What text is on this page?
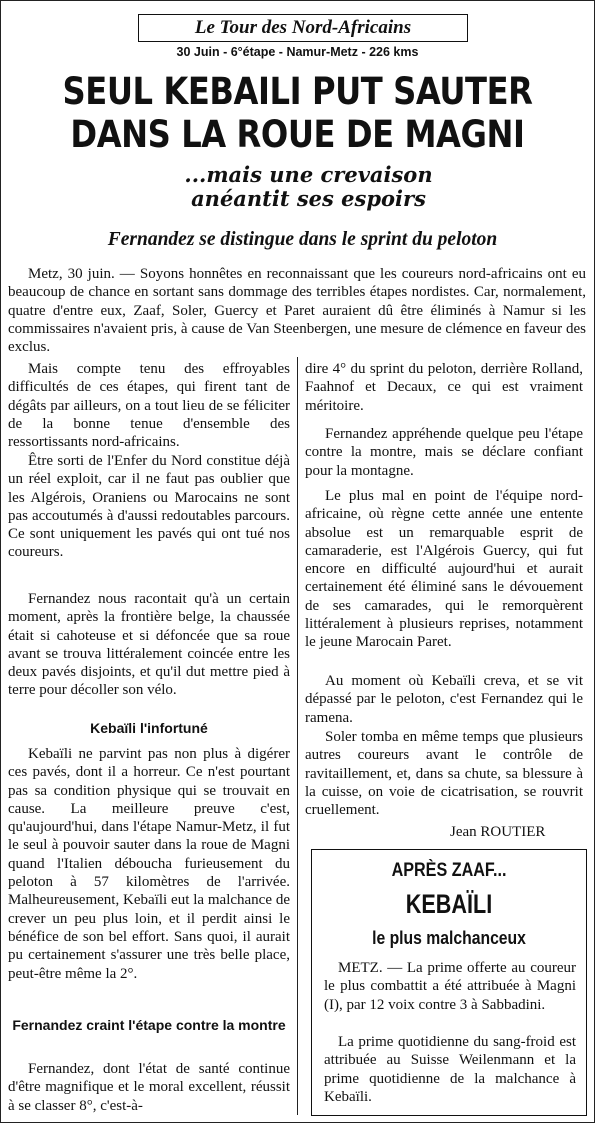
Le Tour des Nord-Africains
30 Juin - 6°étape - Namur-Metz - 226 kms
SEUL KEBAILI PUT SAUTER
DANS LA ROUE DE MAGNI
...mais une crevaison
anéantit ses espoirs
Fernandez se distingue dans le sprint du peloton

Metz, 30 juin. — Soyons honnêtes en reconnaissant que les coureurs nord-africains ont eu beaucoup de chance en sortant sans dommage des terribles étapes nordistes. Car, normalement, quatre d'entre eux, Zaaf, Soler, Guercy et Paret auraient dû être éliminés à Namur si les commissaires n'avaient pris, à cause de Van Steenbergen, une mesure de clémence en faveur des exclus.

Mais compte tenu des effroyables difficultés de ces étapes, qui firent tant de dégâts par ailleurs, on a tout lieu de se féliciter de la bonne tenue d'ensemble des ressortissants nord-africains.

Être sorti de l'Enfer du Nord constitue déjà un réel exploit, car il ne faut pas oublier que les Algérois, Oraniens ou Marocains ne sont pas accoutumés à d'aussi redoutables parcours. Ce sont uniquement les pavés qui ont tué nos coureurs.

Fernandez nous racontait qu'à un certain moment, après la frontière belge, la chaussée était si cahoteuse et si défoncée que sa roue avant se trouva littéralement coincée entre les deux pavés disjoints, et qu'il dut mettre pied à terre pour décoller son vélo.

Kebaïli l'infortuné

Kebaïli ne parvint pas non plus à digérer ces pavés, dont il a horreur. Ce n'est pourtant pas sa condition physique qui se trouvait en cause. La meilleure preuve c'est, qu'aujourd'hui, dans l'étape Namur-Metz, il fut le seul à pouvoir sauter dans la roue de Magni quand l'Italien déboucha furieusement du peloton à 57 kilomètres de l'arrivée. Malheureusement, Kebaïli eut la malchance de crever un peu plus loin, et il perdit ainsi le bénéfice de son bel effort. Sans quoi, il aurait pu certainement s'assurer une très belle place, peut-être même la 2°.

Fernandez craint l'étape contre la montre

Fernandez, dont l'état de santé continue d'être magnifique et le moral excellent, réussit à se classer 8°, c'est-à-

dire 4° du sprint du peloton, derrière Rolland, Faahnof et Decaux, ce qui est vraiment méritoire.

Fernandez appréhende quelque peu l'étape contre la montre, mais se déclare confiant pour la montagne.

Le plus mal en point de l'équipe nord-africaine, où règne cette année une entente absolue est un remarquable esprit de camaraderie, est l'Algérois Guercy, qui fut encore en difficulté aujourd'hui et aurait certainement été éliminé sans le dévouement de ses camarades, qui le remorquèrent littéralement à plusieurs reprises, notamment le jeune Marocain Paret.

Au moment où Kebaïli creva, et se vit dépassé par le peloton, c'est Fernandez qui le ramena.

Soler tomba en même temps que plusieurs autres coureurs avant le contrôle de ravitaillement, et, dans sa chute, sa blessure à la cuisse, on voie de cicatrisation, se rouvrit cruellement.

Jean ROUTIER
APRÈS ZAAF...
KEBAÏLI
le plus malchanceux

METZ. — La prime offerte au coureur le plus combattit a été attribuée à Magni (I), par 12 voix contre 3 à Sabbadini.

La prime quotidienne du sang-froid est attribuée au Suisse Weilenmann et la prime quotidienne de la malchance à Kebaïli.
